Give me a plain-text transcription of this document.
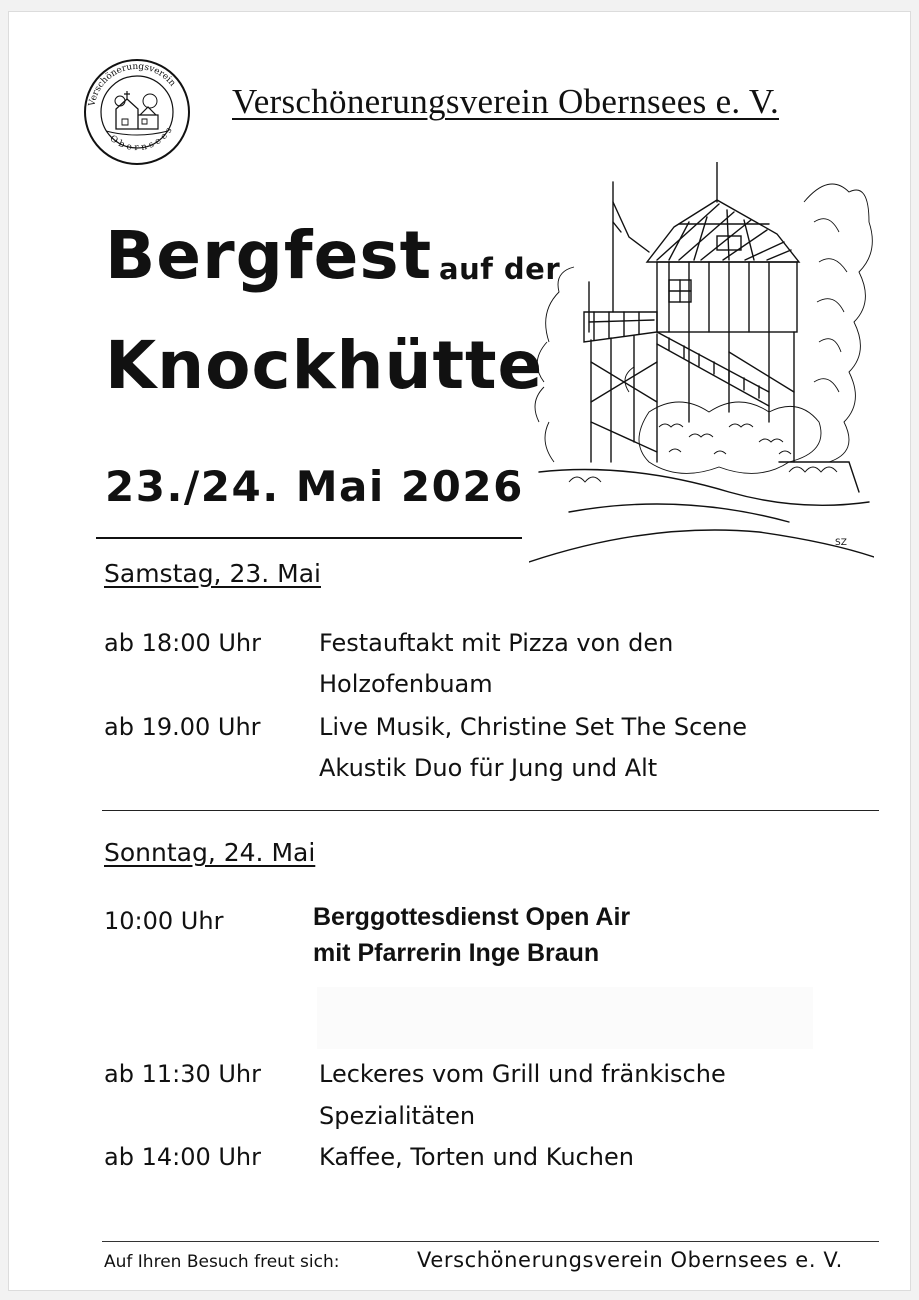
Verschönerungsverein
Obernsees
Verschönerungsverein Obernsees e. V.
Bergfest auf der
Knockhütte
23./24. Mai 2026
SZ
Samstag, 23. Mai
ab 18:00 Uhr Festauftakt mit Pizza von den
Holzofenbuam
ab 19.00 Uhr Live Musik, Christine Set The Scene
Akustik Duo für Jung und Alt
Sonntag, 24. Mai
10:00 Uhr	Berggottesdienst Open Air
mit Pfarrerin Inge Braun
ab 11:30 Uhr Leckeres vom Grill und fränkische
Spezialitäten
ab 14:00 Uhr Kaffee, Torten und Kuchen
Auf Ihren Besuch freut sich:	Verschönerungsverein Obernsees e. V.
